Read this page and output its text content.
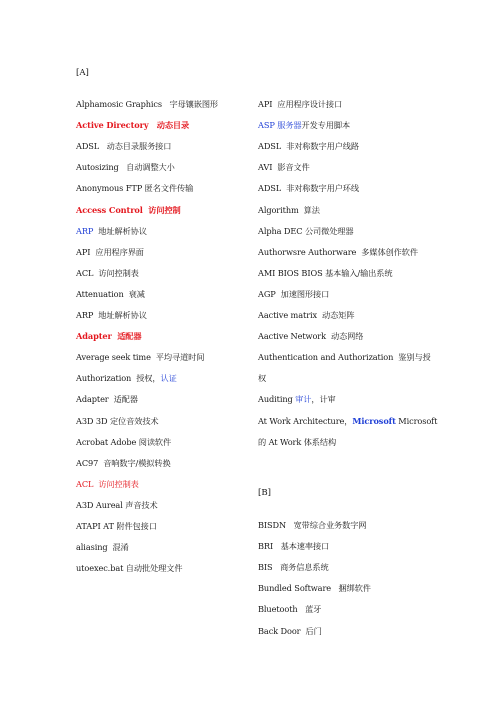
[A]
Alphamosic Graphics   字母镶嵌图形
Active Directory   动态目录
ADSL   动态目录服务接口
Autosizing   自动调整大小
Anonymous FTP 匿名文件传输
Access Control  访问控制
ARP  地址解析协议
API  应用程序界面
ACL  访问控制表
Attenuation  衰减
ARP  地址解析协议
Adapter  适配器
Average seek time  平均寻道时间
Authorization  授权，认证
Adapter  适配器
A3D 3D 定位音效技术
Acrobat Adobe 阅读软件
AC97  音响数字/模拟转换
ACL  访问控制表
A3D Aureal 声音技术
ATAPI AT 附件包接口
aliasing  混淆
utoexec.bat 自动批处理文件
[B]
API  应用程序设计接口
ASP 服务器开发专用脚本
ADSL  非对称数字用户线路
AVI  影音文件
ADSL  非对称数字用户环线
Algorithm  算法
Alpha DEC 公司微处理器
Authorwsre Authorware  多媒体创作软件
AMI BIOS BIOS 基本输入/输出系统
AGP  加速图形接口
Aactive matrix  动态矩阵
Aactive Network  动态网络
Authentication and Authorization  鉴别与授
权
Auditing 审计，计审
At Work Architecture，Microsoft Microsoft
的 At Work 体系结构
BISDN   宽带综合业务数字网
BRI   基本速率接口
BIS   商务信息系统
Bundled Software   捆绑软件
Bluetooth   蓝牙
Back Door  后门
